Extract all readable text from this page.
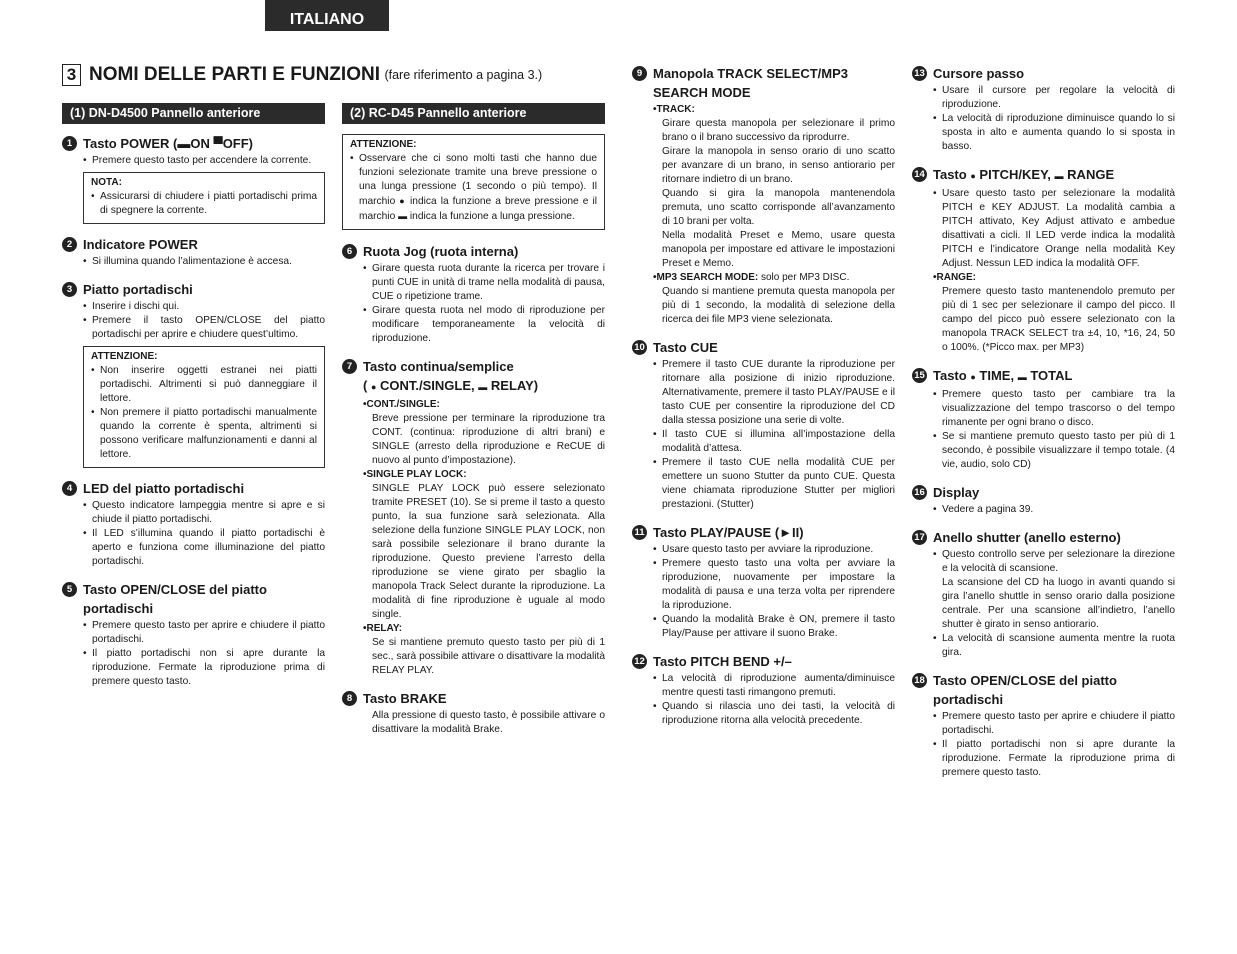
ITALIANO
3 NOMI DELLE PARTI E FUNZIONI (fare riferimento a pagina 3.)
(1) DN-D4500 Pannello anteriore
1 Tasto POWER (▬ON ▀OFF)
• Premere questo tasto per accendere la corrente.
NOTA:
• Assicurarsi di chiudere i piatti portadischi prima di spegnere la corrente.
2 Indicatore POWER
• Si illumina quando l’alimentazione è accesa.
3 Piatto portadischi
• Inserire i dischi qui.
• Premere il tasto OPEN/CLOSE del piatto portadischi per aprire e chiudere quest’ultimo.
ATTENZIONE:
• Non inserire oggetti estranei nei piatti portadischi. Altrimenti si può danneggiare il lettore.
• Non premere il piatto portadischi manualmente quando la corrente è spenta, altrimenti si possono verificare malfunzionamenti e danni al lettore.
4 LED del piatto portadischi
• Questo indicatore lampeggia mentre si apre e si chiude il piatto portadischi.
• Il LED s’illumina quando il piatto portadischi è aperto e funziona come illuminazione del piatto portadischi.
5 Tasto OPEN/CLOSE del piatto portadischi
• Premere questo tasto per aprire e chiudere il piatto portadischi.
• Il piatto portadischi non si apre durante la riproduzione. Fermate la riproduzione prima di premere questo tasto.
(2) RC-D45 Pannello anteriore
ATTENZIONE:
• Osservare che ci sono molti tasti che hanno due funzioni selezionate tramite una breve pressione o una lunga pressione (1 secondo o più tempo). Il marchio ● indica la funzione a breve pressione e il marchio ▬ indica la funzione a lunga pressione.
6 Ruota Jog (ruota interna)
• Girare questa ruota durante la ricerca per trovare i punti CUE in unità di trame nella modalità di pausa, CUE o ripetizione trame.
• Girare questa ruota nel modo di riproduzione per modificare temporaneamente la velocità di riproduzione.
7 Tasto continua/semplice
( ● CONT./SINGLE, ▬ RELAY)
• CONT./SINGLE:
Breve pressione per terminare la riproduzione tra CONT. (continua: riproduzione di altri brani) e SINGLE (arresto della riproduzione e ReCUE di nuovo al punto d’impostazione).
• SINGLE PLAY LOCK:
SINGLE PLAY LOCK può essere selezionato tramite PRESET (10). Se si preme il tasto a questo punto, la sua funzione sarà selezionata. Alla selezione della funzione SINGLE PLAY LOCK, non sarà possibile selezionare il brano durante la riproduzione. Questo previene l’arresto della riproduzione se viene girato per sbaglio la manopola Track Select durante la riproduzione. La modalità di fine riproduzione è uguale al modo single.
• RELAY:
Se si mantiene premuto questo tasto per più di 1 sec., sarà possibile attivare o disattivare la modalità RELAY PLAY.
8 Tasto BRAKE
Alla pressione di questo tasto, è possibile attivare o disattivare la modalità Brake.
9 Manopola TRACK SELECT/MP3 SEARCH MODE
• TRACK:
Girare questa manopola per selezionare il primo brano o il brano successivo da riprodurre.
Girare la manopola in senso orario di uno scatto per avanzare di un brano, in senso antiorario per ritornare indietro di un brano.
Quando si gira la manopola mantenendola premuta, uno scatto corrisponde all’avanzamento di 10 brani per volta.
Nella modalità Preset e Memo, usare questa manopola per impostare ed attivare le impostazioni Preset e Memo.
• MP3 SEARCH MODE: solo per MP3 DISC.
Quando si mantiene premuta questa manopola per più di 1 secondo, la modalità di selezione della ricerca dei file MP3 viene selezionata.
10 Tasto CUE
• Premere il tasto CUE durante la riproduzione per ritornare alla posizione di inizio riproduzione. Alternativamente, premere il tasto PLAY/PAUSE e il tasto CUE per consentire la riproduzione del CD dalla stessa posizione una serie di volte.
• Il tasto CUE si illumina all’impostazione della modalità d’attesa.
• Premere il tasto CUE nella modalità CUE per emettere un suono Stutter da punto CUE. Questa viene chiamata riproduzione Stutter per migliori prestazioni. (Stutter)
11 Tasto PLAY/PAUSE (►II)
• Usare questo tasto per avviare la riproduzione.
• Premere questo tasto una volta per avviare la riproduzione, nuovamente per impostare la modalità di pausa e una terza volta per riprendere la riproduzione.
• Quando la modalità Brake è ON, premere il tasto Play/Pause per attivare il suono Brake.
12 Tasto PITCH BEND +/–
• La velocità di riproduzione aumenta/diminuisce mentre questi tasti rimangono premuti.
• Quando si rilascia uno dei tasti, la velocità di riproduzione ritorna alla velocità precedente.
13 Cursore passo
• Usare il cursore per regolare la velocità di riproduzione.
• La velocità di riproduzione diminuisce quando lo si sposta in alto e aumenta quando lo si sposta in basso.
14 Tasto ● PITCH/KEY, ▬ RANGE
• Usare questo tasto per selezionare la modalità PITCH e KEY ADJUST. La modalità cambia a PITCH attivato, Key Adjust attivato e ambedue disattivati a cicli. Il LED verde indica la modalità PITCH e l’indicatore Orange nella modalità Key Adjust. Nessun LED indica la modalità OFF.
• RANGE:
Premere questo tasto mantenendolo premuto per più di 1 sec per selezionare il campo del picco. Il campo del picco può essere selezionato con la manopola TRACK SELECT tra ±4, 10, *16, 24, 50 o 100%. (*Picco max. per MP3)
15 Tasto ● TIME, ▬ TOTAL
• Premere questo tasto per cambiare tra la visualizzazione del tempo trascorso o del tempo rimanente per ogni brano o disco.
• Se si mantiene premuto questo tasto per più di 1 secondo, è possibile visualizzare il tempo totale. (4 vie, audio, solo CD)
16 Display
• Vedere a pagina 39.
17 Anello shutter (anello esterno)
• Questo controllo serve per selezionare la direzione e la velocità di scansione.
La scansione del CD ha luogo in avanti quando si gira l’anello shuttle in senso orario dalla posizione centrale. Per una scansione all’indietro, l’anello shutter è girato in senso antiorario.
• La velocità di scansione aumenta mentre la ruota gira.
18 Tasto OPEN/CLOSE del piatto portadischi
• Premere questo tasto per aprire e chiudere il piatto portadischi.
• Il piatto portadischi non si apre durante la riproduzione. Fermate la riproduzione prima di premere questo tasto.
